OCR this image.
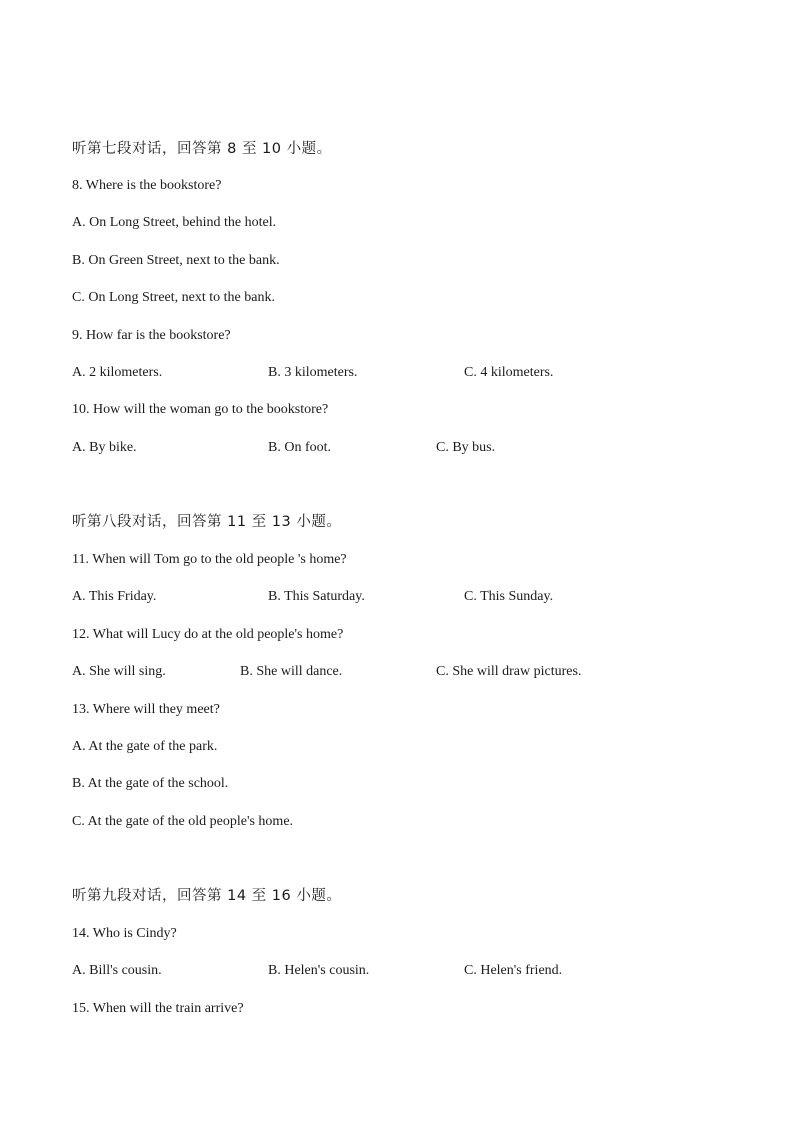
听第七段对话，回答第 8 至 10 小题。
8. Where is the bookstore?
A. On Long Street, behind the hotel.
B. On Green Street, next to the bank.
C. On Long Street, next to the bank.
9. How far is the bookstore?
A. 2 kilometers.	B. 3 kilometers.	C. 4 kilometers.
10. How will the woman go to the bookstore?
A. By bike.	B. On foot.	C. By bus.
听第八段对话，回答第 11 至 13 小题。
11. When will Tom go to the old people 's home?
A. This Friday.	B. This Saturday.	C. This Sunday.
12. What will Lucy do at the old people's home?
A. She will sing.	B. She will dance.	C. She will draw pictures.
13. Where will they meet?
A. At the gate of the park.
B. At the gate of the school.
C. At the gate of the old people's home.
听第九段对话，回答第 14 至 16 小题。
14. Who is Cindy?
A. Bill's cousin.	B. Helen's cousin.	C. Helen's friend.
15. When will the train arrive?
